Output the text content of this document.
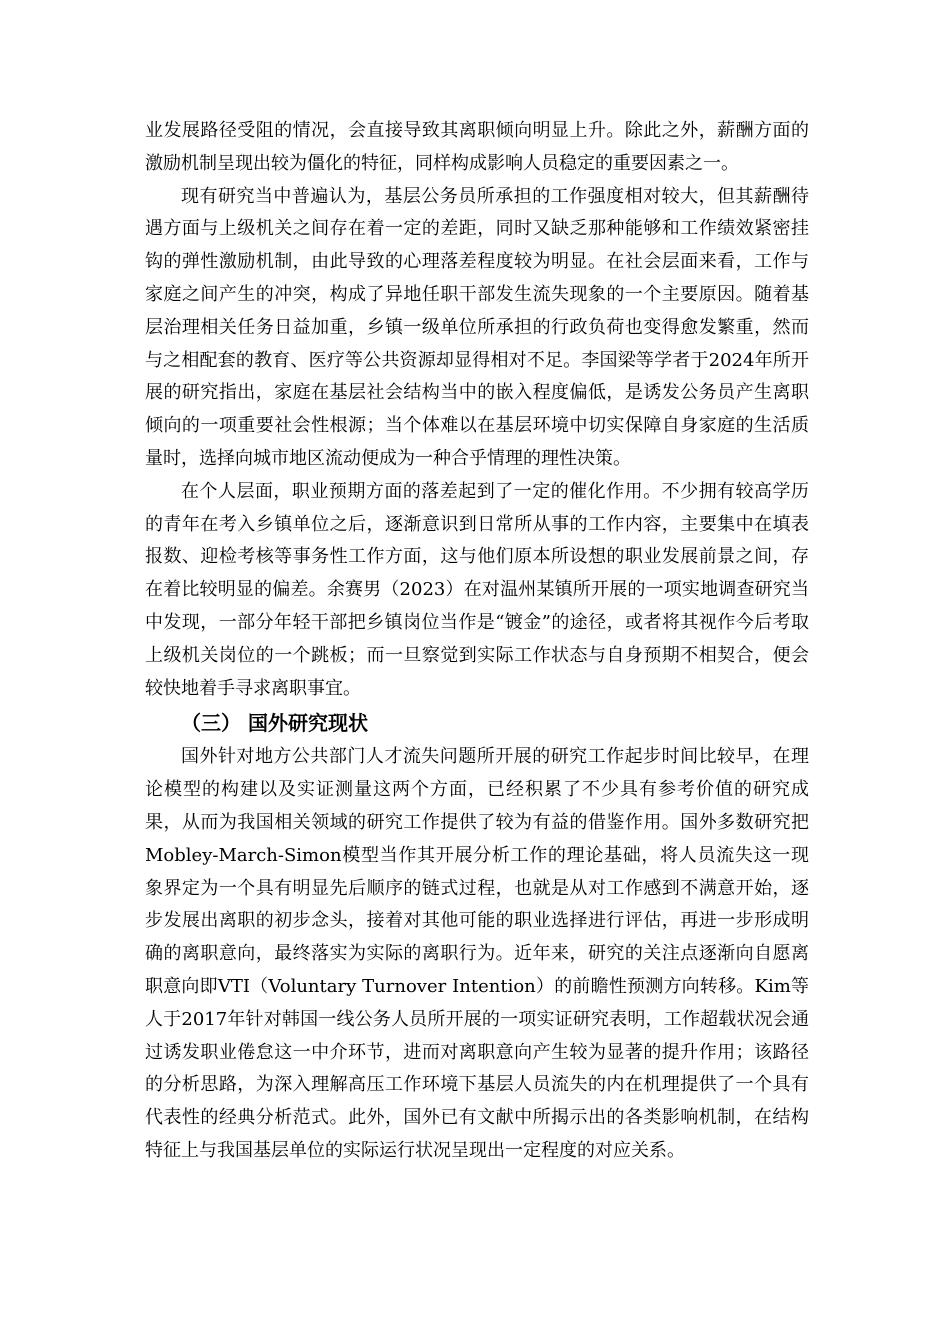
业发展路径受阻的情况，会直接导致其离职倾向明显上升。除此之外，薪酬方面的激励机制呈现出较为僵化的特征，同样构成影响人员稳定的重要因素之一。

现有研究当中普遍认为，基层公务员所承担的工作强度相对较大，但其薪酬待遇方面与上级机关之间存在着一定的差距，同时又缺乏那种能够和工作绩效紧密挂钩的弹性激励机制，由此导致的心理落差程度较为明显。在社会层面来看，工作与家庭之间产生的冲突，构成了异地任职干部发生流失现象的一个主要原因。随着基层治理相关任务日益加重，乡镇一级单位所承担的行政负荷也变得愈发繁重，然而与之相配套的教育、医疗等公共资源却显得相对不足。李国梁等学者于2024年所开展的研究指出，家庭在基层社会结构当中的嵌入程度偏低，是诱发公务员产生离职倾向的一项重要社会性根源；当个体难以在基层环境中切实保障自身家庭的生活质量时，选择向城市地区流动便成为一种合乎情理的理性决策。

在个人层面，职业预期方面的落差起到了一定的催化作用。不少拥有较高学历的青年在考入乡镇单位之后，逐渐意识到日常所从事的工作内容，主要集中在填表报数、迎检考核等事务性工作方面，这与他们原本所设想的职业发展前景之间，存在着比较明显的偏差。余赛男（2023）在对温州某镇所开展的一项实地调查研究当中发现，一部分年轻干部把乡镇岗位当作是“镀金”的途径，或者将其视作今后考取上级机关岗位的一个跳板；而一旦察觉到实际工作状态与自身预期不相契合，便会较快地着手寻求离职事宜。

（三） 国外研究现状

国外针对地方公共部门人才流失问题所开展的研究工作起步时间比较早，在理论模型的构建以及实证测量这两个方面，已经积累了不少具有参考价值的研究成果，从而为我国相关领域的研究工作提供了较为有益的借鉴作用。国外多数研究把Mobley-March-Simon模型当作其开展分析工作的理论基础，将人员流失这一现象界定为一个具有明显先后顺序的链式过程，也就是从对工作感到不满意开始，逐步发展出离职的初步念头，接着对其他可能的职业选择进行评估，再进一步形成明确的离职意向，最终落实为实际的离职行为。近年来，研究的关注点逐渐向自愿离职意向即VTI（Voluntary Turnover Intention）的前瞻性预测方向转移。Kim等人于2017年针对韩国一线公务人员所开展的一项实证研究表明，工作超载状况会通过诱发职业倦怠这一中介环节，进而对离职意向产生较为显著的提升作用；该路径的分析思路，为深入理解高压工作环境下基层人员流失的内在机理提供了一个具有代表性的经典分析范式。此外，国外已有文献中所揭示出的各类影响机制，在结构特征上与我国基层单位的实际运行状况呈现出一定程度的对应关系。
